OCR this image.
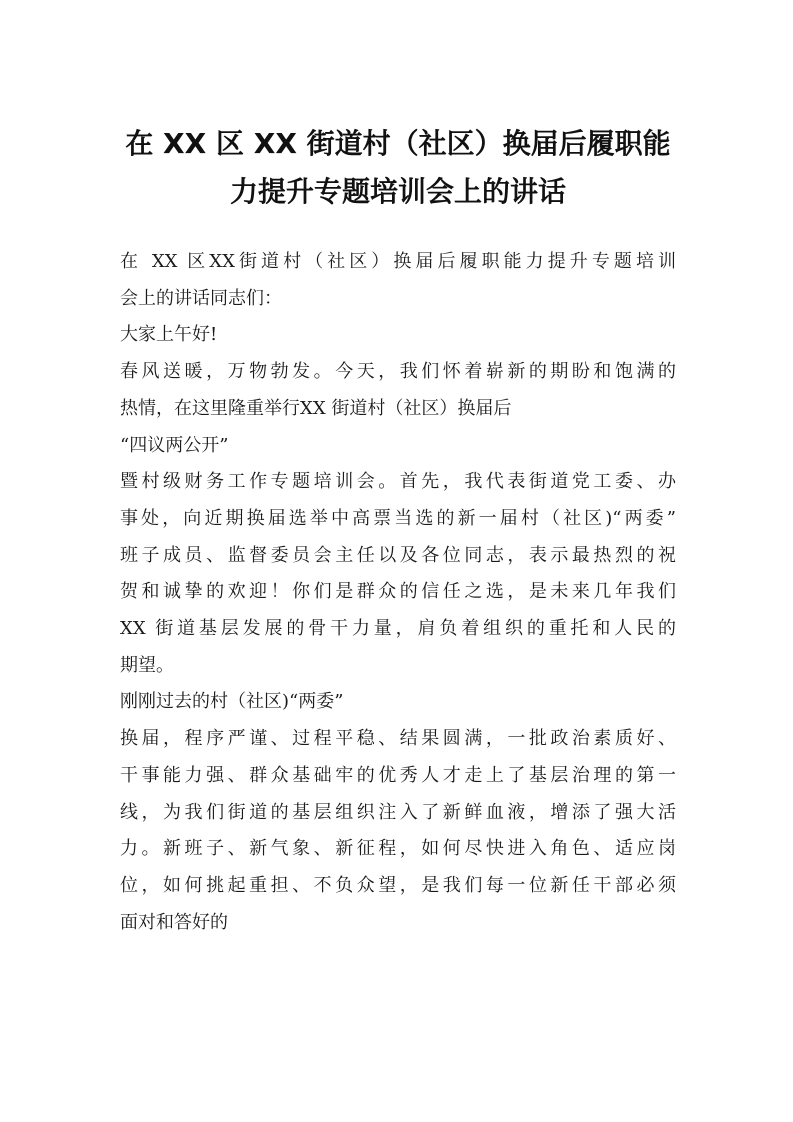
在 XX 区 XX 街道村（社区）换届后履职能
力提升专题培训会上的讲话

在 XX 区XX街道村（社区）换届后履职能力提升专题培训
会上的讲话同志们：

大家上午好!

春风送暖，万物勃发。今天，我们怀着崭新的期盼和饱满的
热情，在这里隆重举行XX 街道村（社区）换届后

“四议两公开”

暨村级财务工作专题培训会。首先，我代表街道党工委、办
事处，向近期换届选举中高票当选的新一届村（社区)“两委”
班子成员、监督委员会主任以及各位同志，表示最热烈的祝
贺和诚挚的欢迎！你们是群众的信任之选，是未来几年我们
XX 街道基层发展的骨干力量，肩负着组织的重托和人民的
期望。

刚刚过去的村（社区)“两委”

换届，程序严谨、过程平稳、结果圆满，一批政治素质好、
干事能力强、群众基础牢的优秀人才走上了基层治理的第一
线，为我们街道的基层组织注入了新鲜血液，增添了强大活
力。新班子、新气象、新征程，如何尽快进入角色、适应岗
位，如何挑起重担、不负众望，是我们每一位新任干部必须
面对和答好的
